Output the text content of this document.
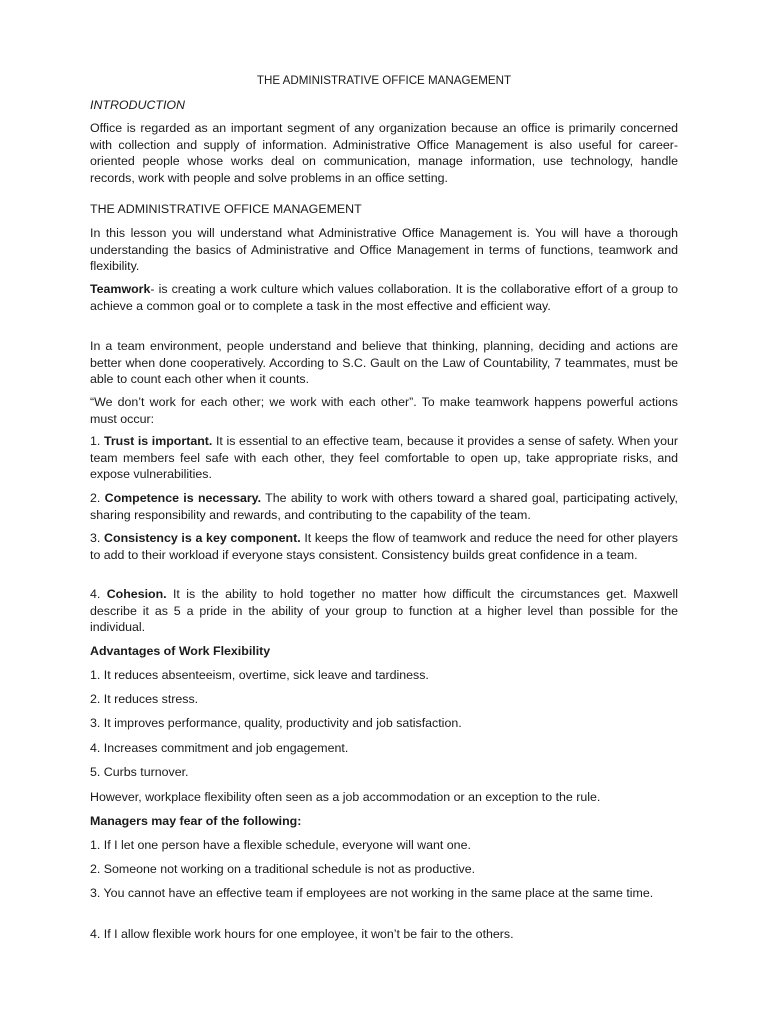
THE ADMINISTRATIVE OFFICE MANAGEMENT
INTRODUCTION

Office is regarded as an important segment of any organization because an office is primarily concerned with collection and supply of information. Administrative Office Management is also useful for career-oriented people whose works deal on communication, manage information, use technology, handle records, work with people and solve problems in an office setting.

THE ADMINISTRATIVE OFFICE MANAGEMENT

In this lesson you will understand what Administrative Office Management is. You will have a thorough understanding the basics of Administrative and Office Management in terms of functions, teamwork and flexibility.

Teamwork- is creating a work culture which values collaboration. It is the collaborative effort of a group to achieve a common goal or to complete a task in the most effective and efficient way.

In a team environment, people understand and believe that thinking, planning, deciding and actions are better when done cooperatively. According to S.C. Gault on the Law of Countability, 7 teammates, must be able to count each other when it counts.

“We don’t work for each other; we work with each other”. To make teamwork happens powerful actions must occur:

1. Trust is important. It is essential to an effective team, because it provides a sense of safety. When your team members feel safe with each other, they feel comfortable to open up, take appropriate risks, and expose vulnerabilities.

2. Competence is necessary. The ability to work with others toward a shared goal, participating actively, sharing responsibility and rewards, and contributing to the capability of the team.

3. Consistency is a key component. It keeps the flow of teamwork and reduce the need for other players to add to their workload if everyone stays consistent. Consistency builds great confidence in a team.

4. Cohesion. It is the ability to hold together no matter how difficult the circumstances get. Maxwell describe it as 5 a pride in the ability of your group to function at a higher level than possible for the individual.

Advantages of Work Flexibility
1. It reduces absenteeism, overtime, sick leave and tardiness.
2. It reduces stress.
3. It improves performance, quality, productivity and job satisfaction.
4. Increases commitment and job engagement.
5. Curbs turnover.
However, workplace flexibility often seen as a job accommodation or an exception to the rule.
Managers may fear of the following:
1. If I let one person have a flexible schedule, everyone will want one.
2. Someone not working on a traditional schedule is not as productive.
3. You cannot have an effective team if employees are not working in the same place at the same time.
4. If I allow flexible work hours for one employee, it won’t be fair to the others.
